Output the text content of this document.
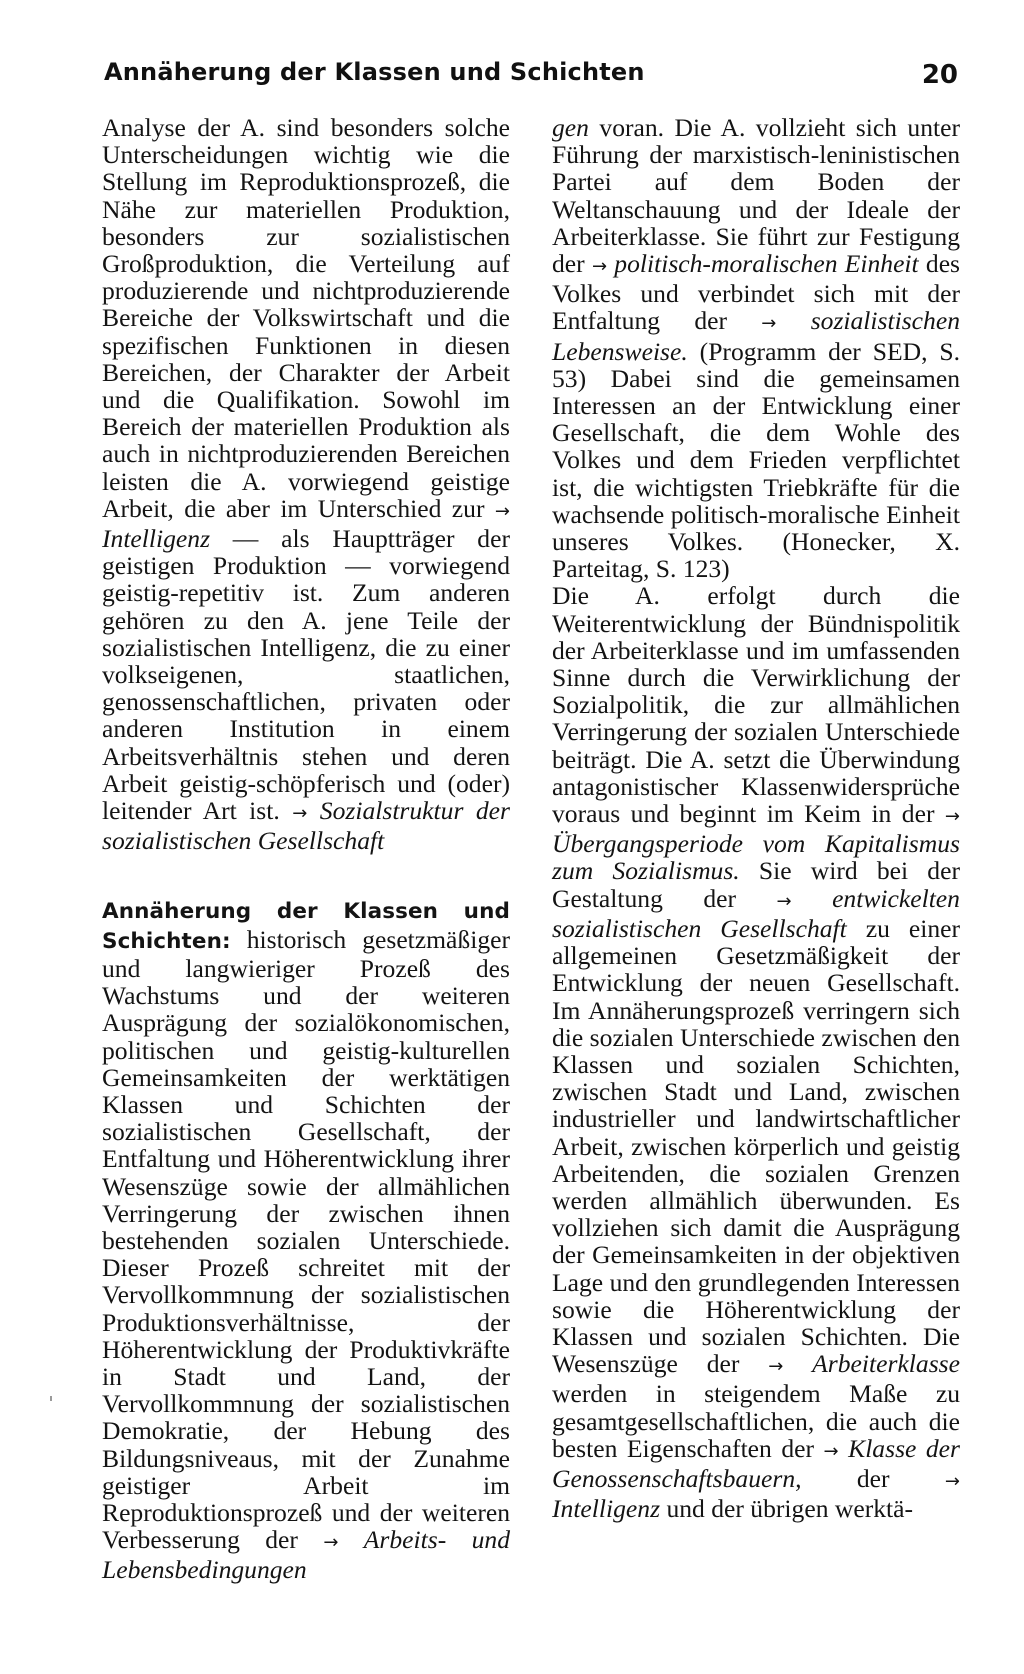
Annäherung der Klassen und Schichten	20

Analyse der A. sind besonders solche Unterscheidungen wichtig wie die Stellung im Reproduktionsprozeß, die Nähe zur materiellen Produktion, besonders zur sozialistischen Großproduktion, die Verteilung auf produzierende und nichtproduzierende Bereiche der Volkswirtschaft und die spezifischen Funktionen in diesen Bereichen, der Charakter der Arbeit und die Qualifikation. Sowohl im Bereich der materiellen Produktion als auch in nichtproduzierenden Bereichen leisten die A. vorwiegend geistige Arbeit, die aber im Unterschied zur → Intelligenz — als Hauptträger der geistigen Produktion — vorwiegend geistig-repetitiv ist. Zum anderen gehören zu den A. jene Teile der sozialistischen Intelligenz, die zu einer volkseigenen, staatlichen, genossenschaftlichen, privaten oder anderen Institution in einem Arbeitsverhältnis stehen und deren Arbeit geistig-schöpferisch und (oder) leitender Art ist. → Sozialstruktur der sozialistischen Gesellschaft

Annäherung der Klassen und Schichten: historisch gesetzmäßiger und langwieriger Prozeß des Wachstums und der weiteren Ausprägung der sozialökonomischen, politischen und geistig-kulturellen Gemeinsamkeiten der werktätigen Klassen und Schichten der sozialistischen Gesellschaft, der Entfaltung und Höherentwicklung ihrer Wesenszüge sowie der allmählichen Verringerung der zwischen ihnen bestehenden sozialen Unterschiede. Dieser Prozeß schreitet mit der Vervollkommnung der sozialistischen Produktionsverhältnisse, der Höherentwicklung der Produktivkräfte in Stadt und Land, der Vervollkommnung der sozialistischen Demokratie, der Hebung des Bildungsniveaus, mit der Zunahme geistiger Arbeit im Reproduktionsprozeß und der weiteren Verbesserung der → Arbeits- und Lebensbedingungen

gen voran. Die A. vollzieht sich unter Führung der marxistisch-leninistischen Partei auf dem Boden der Weltanschauung und der Ideale der Arbeiterklasse. Sie führt zur Festigung der → politisch-moralischen Einheit des Volkes und verbindet sich mit der Entfaltung der → sozialistischen Lebensweise. (Programm der SED, S. 53) Dabei sind die gemeinsamen Interessen an der Entwicklung einer Gesellschaft, die dem Wohle des Volkes und dem Frieden verpflichtet ist, die wichtigsten Triebkräfte für die wachsende politisch-moralische Einheit unseres Volkes. (Honecker, X. Parteitag, S. 123)

Die A. erfolgt durch die Weiterentwicklung der Bündnispolitik der Arbeiterklasse und im umfassenden Sinne durch die Verwirklichung der Sozialpolitik, die zur allmählichen Verringerung der sozialen Unterschiede beiträgt. Die A. setzt die Überwindung antagonistischer Klassenwidersprüche voraus und beginnt im Keim in der → Übergangsperiode vom Kapitalismus zum Sozialismus. Sie wird bei der Gestaltung der → entwickelten sozialistischen Gesellschaft zu einer allgemeinen Gesetzmäßigkeit der Entwicklung der neuen Gesellschaft. Im Annäherungsprozeß verringern sich die sozialen Unterschiede zwischen den Klassen und sozialen Schichten, zwischen Stadt und Land, zwischen industrieller und landwirtschaftlicher Arbeit, zwischen körperlich und geistig Arbeitenden, die sozialen Grenzen werden allmählich überwunden. Es vollziehen sich damit die Ausprägung der Gemeinsamkeiten in der objektiven Lage und den grundlegenden Interessen sowie die Höherentwicklung der Klassen und sozialen Schichten. Die Wesenszüge der → Arbeiterklasse werden in steigendem Maße zu gesamtgesellschaftlichen, die auch die besten Eigenschaften der → Klasse der Genossenschaftsbauern, der	→ Intelligenz und der übrigen werktä-
